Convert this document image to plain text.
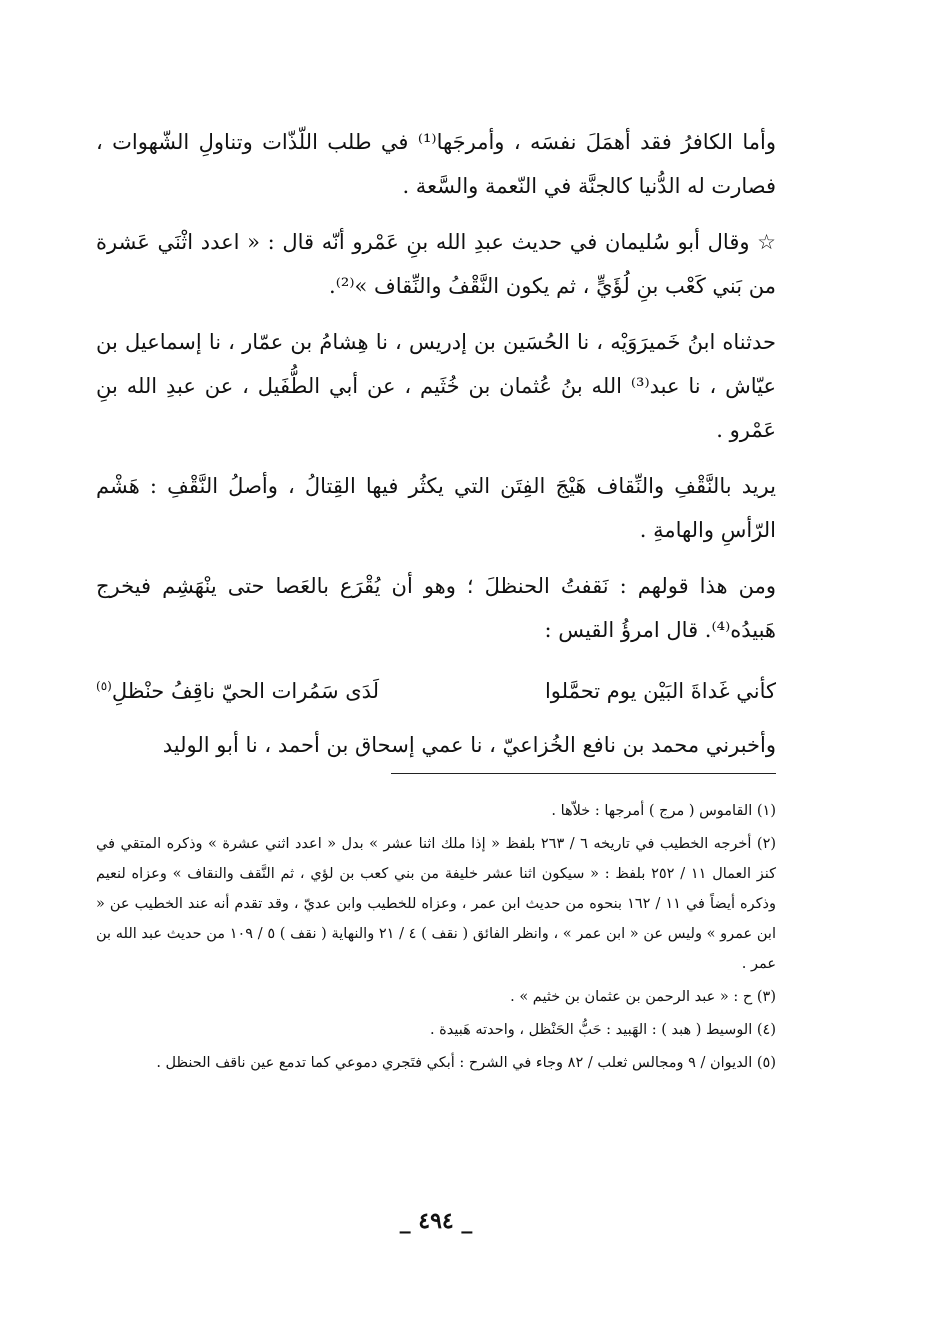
وأما الكافرُ فقد أهمَلَ نفسَه ، وأمرجَها⁽¹⁾ في طلب اللّذّات وتناولِ الشّهوات ، فصارت له الدُّنيا كالجنَّة في النّعمة والسَّعة .

☆ وقال أبو سُليمان في حديث عبدِ الله بنِ عَمْرو أنّه قال : « اعدد اثْنَي عَشرة من بَني كَعْب بنِ لُؤَيٍّ ، ثم يكون النَّقْفُ والنِّقاف »⁽²⁾.

حدثناه ابنُ خَميرَوَيْه ، نا الحُسَين بن إدريس ، نا هِشامُ بن عمّار ، نا إسماعيل بن عيّاش ، نا عبد⁽³⁾ الله بنُ عُثمان بن خُثَيم ، عن أبي الطُّفَيل ، عن عبدِ الله بنِ عَمْرو .

يريد بالنَّقْفِ والنِّقاف هَيْجَ الفِتَن التي يكثُر فيها القِتالُ ، وأصلُ النَّقْفِ : هَشْم الرّأسِ والهامةِ .

ومن هذا قولهم : نَقفتُ الحنظلَ ؛ وهو أن يُقْرَع بالعَصا حتى ينْهَشِم فيخرج هَبيدُه⁽⁴⁾. قال امرؤُ القيس :

كأني غَداةَ البَيْن يوم تحمَّلوا
لَدَى سَمُرات الحيّ ناقِفُ حنْظلِ$^{(٥)}$

وأخبرني محمد بن نافع الخُزاعيّ ، نا عمي إسحاق بن أحمد ، نا أبو الوليد

(١) القاموس ( مرج ) أمرجها : خلاّها .

(٢) أخرجه الخطيب في تاريخه ٦ / ٢٦٣ بلفظ « إذا ملك اثنا عشر » بدل « اعدد اثني عشرة » وذكره المتقي في كنز العمال ١١ / ٢٥٢ بلفظ : « سيكون اثنا عشر خليفة من بني كعب بن لؤي ، ثم النَّقف والنقاف » وعزاه لنعيم وذكره أيضاً في ١١ / ١٦٢ بنحوه من حديث ابن عمر ، وعزاه للخطيب وابن عديّ ، وقد تقدم أنه عند الخطيب عن « ابن عمرو » وليس عن « ابن عمر » ، وانظر الفائق ( نقف ) ٤ / ٢١ والنهاية ( نقف ) ٥ / ١٠٩ من حديث عبد الله بن عمر .

(٣) ح : « عبد الرحمن بن عثمان بن خثيم » .

(٤) الوسيط ( هبد ) : الهَبيد : حَبُّ الحَنْظل ، واحدته هَبيدة .

(٥) الديوان / ٩ ومجالس ثعلب / ٨٢ وجاء في الشرح : أبكي فتَجري دموعي كما تدمع عين ناقف الحنظل .

_ ٤٩٤ _
